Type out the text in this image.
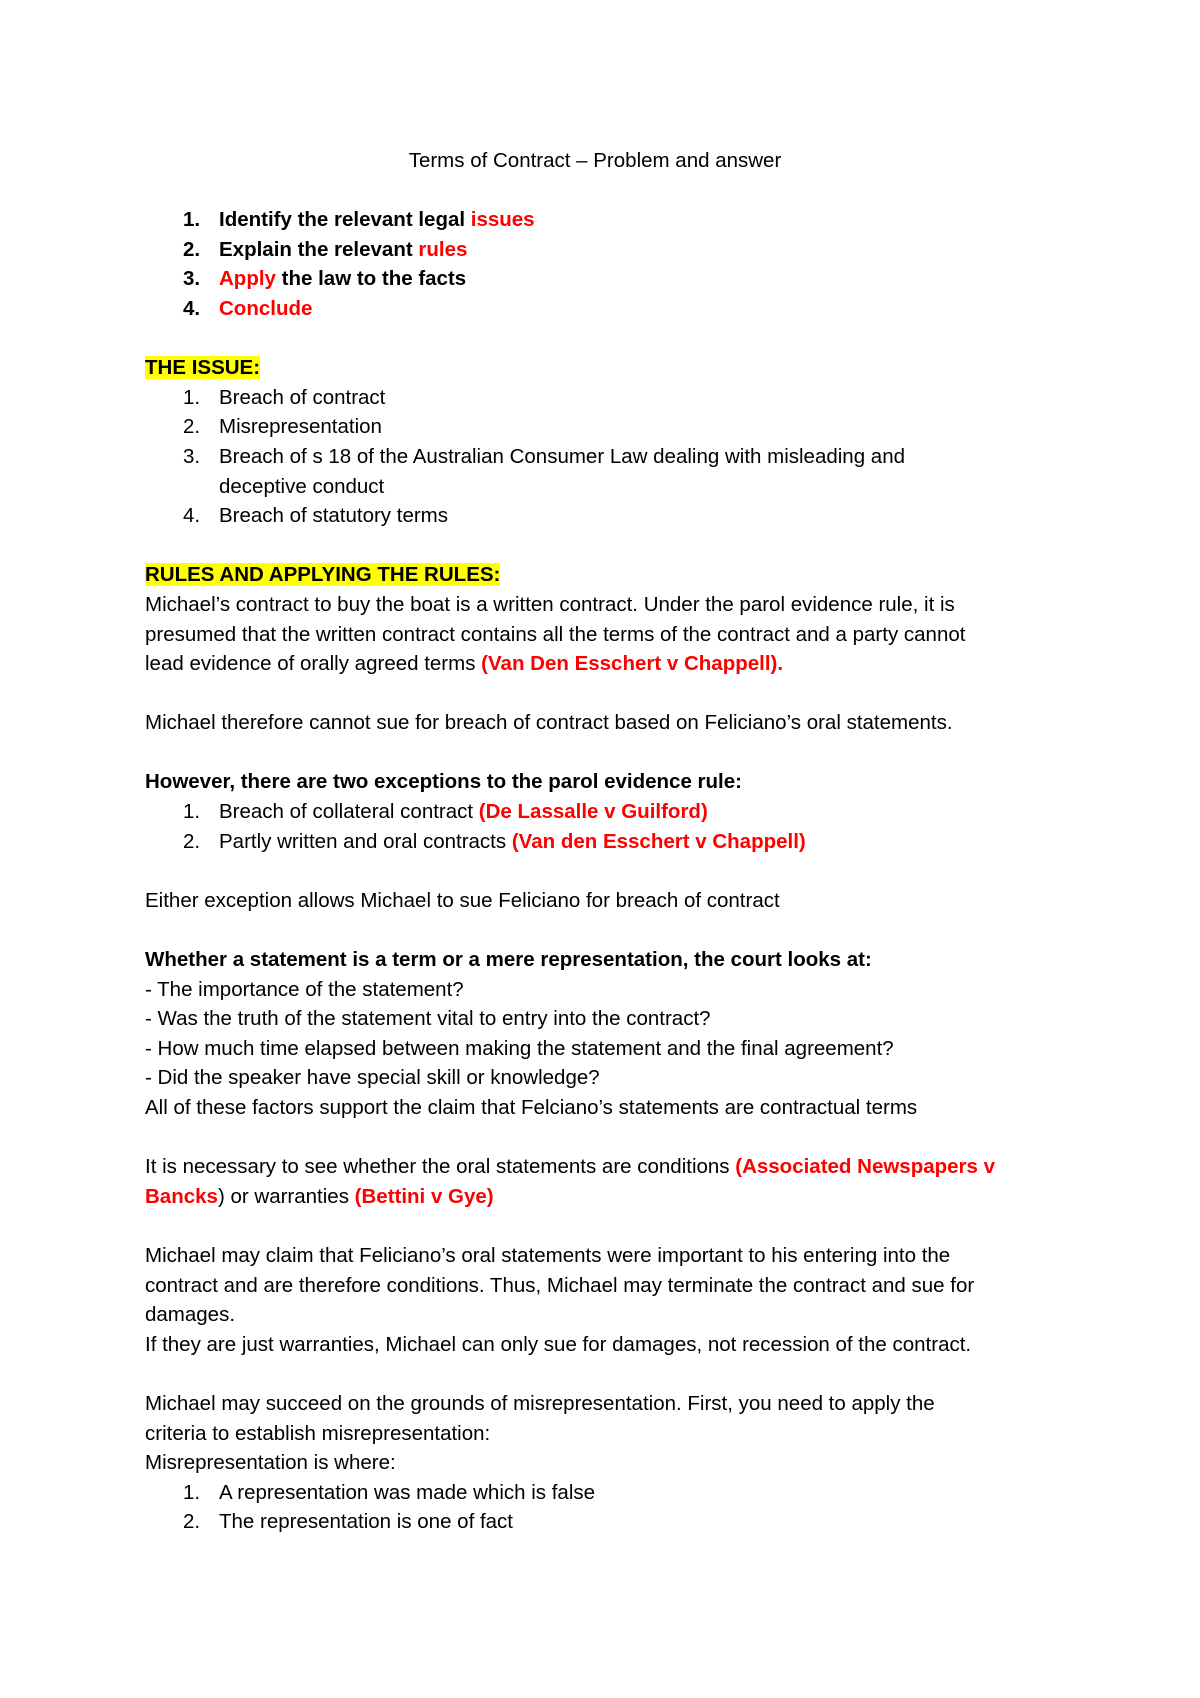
Terms of Contract – Problem and answer
1. Identify the relevant legal issues
2. Explain the relevant rules
3. Apply the law to the facts
4. Conclude
THE ISSUE:
1. Breach of contract
2. Misrepresentation
3. Breach of s 18 of the Australian Consumer Law dealing with misleading and
deceptive conduct
4. Breach of statutory terms
RULES AND APPLYING THE RULES:
Michael’s contract to buy the boat is a written contract. Under the parol evidence rule, it is
presumed that the written contract contains all the terms of the contract and a party cannot
lead evidence of orally agreed terms (Van Den Esschert v Chappell).
Michael therefore cannot sue for breach of contract based on Feliciano’s oral statements.
However, there are two exceptions to the parol evidence rule:
1. Breach of collateral contract (De Lassalle v Guilford)
2. Partly written and oral contracts (Van den Esschert v Chappell)
Either exception allows Michael to sue Feliciano for breach of contract
Whether a statement is a term or a mere representation, the court looks at:
- The importance of the statement?
- Was the truth of the statement vital to entry into the contract?
- How much time elapsed between making the statement and the final agreement?
- Did the speaker have special skill or knowledge?
All of these factors support the claim that Felciano’s statements are contractual terms
It is necessary to see whether the oral statements are conditions (Associated Newspapers v
Bancks) or warranties (Bettini v Gye)
Michael may claim that Feliciano’s oral statements were important to his entering into the
contract and are therefore conditions. Thus, Michael may terminate the contract and sue for
damages.
If they are just warranties, Michael can only sue for damages, not recession of the contract.
Michael may succeed on the grounds of misrepresentation. First, you need to apply the
criteria to establish misrepresentation:
Misrepresentation is where:
1. A representation was made which is false
2. The representation is one of fact
